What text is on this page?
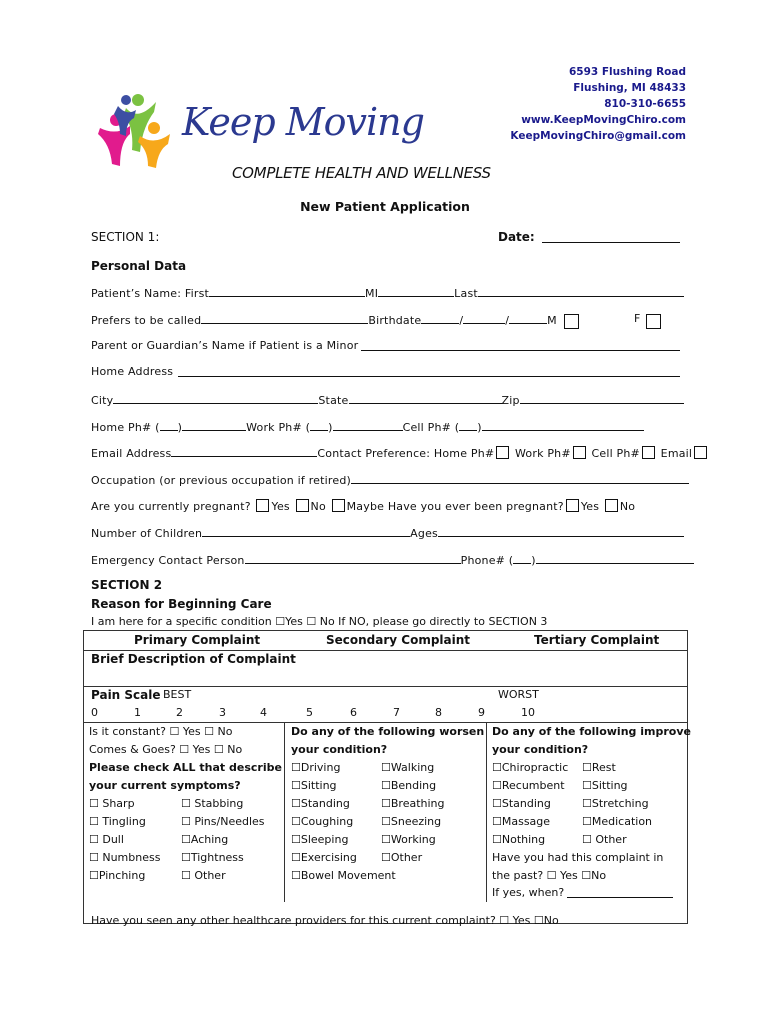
6593 Flushing Road
Flushing, MI 48433
810-310-6655
www.KeepMovingChiro.com
KeepMovingChiro@gmail.com
Keep Moving
COMPLETE HEALTH AND WELLNESS
New Patient Application
SECTION 1:	Date:
Personal Data
Patient’s Name: First	MI	Last
Prefers to be called	Birthdate	/	/	M	F
Parent or Guardian’s Name if Patient is a Minor
Home Address
City	State	Zip
Home Ph# ( )	Work Ph# ( )	Cell Ph# ( )
Email Address	Contact Preference: Home Ph# Work Ph# Cell Ph# Email
Occupation (or previous occupation if retired)
Are you currently pregnant? Yes No Maybe Have you ever been pregnant? Yes No
Number of Children	Ages
Emergency Contact Person	Phone# ( )
SECTION 2
Reason for Beginning Care
I am here for a specific condition ☐Yes ☐ No If NO, please go directly to SECTION 3
Primary Complaint	Secondary Complaint	Tertiary Complaint
Brief Description of Complaint
Pain Scale BEST	WORST
0	1	2	3	4	5	6	7	8	9	10
Is it constant? ☐ Yes ☐ No
Comes & Goes? ☐ Yes ☐ No
Please check ALL that describe
your current symptoms?
☐ Sharp	☐ Stabbing
☐ Tingling	☐ Pins/Needles
☐ Dull	☐Aching
☐ Numbness ☐Tightness
☐Pinching	☐ Other
Do any of the following worsen
your condition?
☐Driving	☐Walking
☐Sitting	☐Bending
☐Standing	☐Breathing
☐Coughing	☐Sneezing
☐Sleeping	☐Working
☐Exercising ☐Other
☐Bowel Movement
Do any of the following improve
your condition?
☐Chiropractic ☐Rest
☐Recumbent ☐Sitting
☐Standing	☐Stretching
☐Massage	☐Medication
☐Nothing	☐ Other
Have you had this complaint in
the past? ☐ Yes ☐No
If yes, when?
Have you seen any other healthcare providers for this current complaint? ☐ Yes ☐No
